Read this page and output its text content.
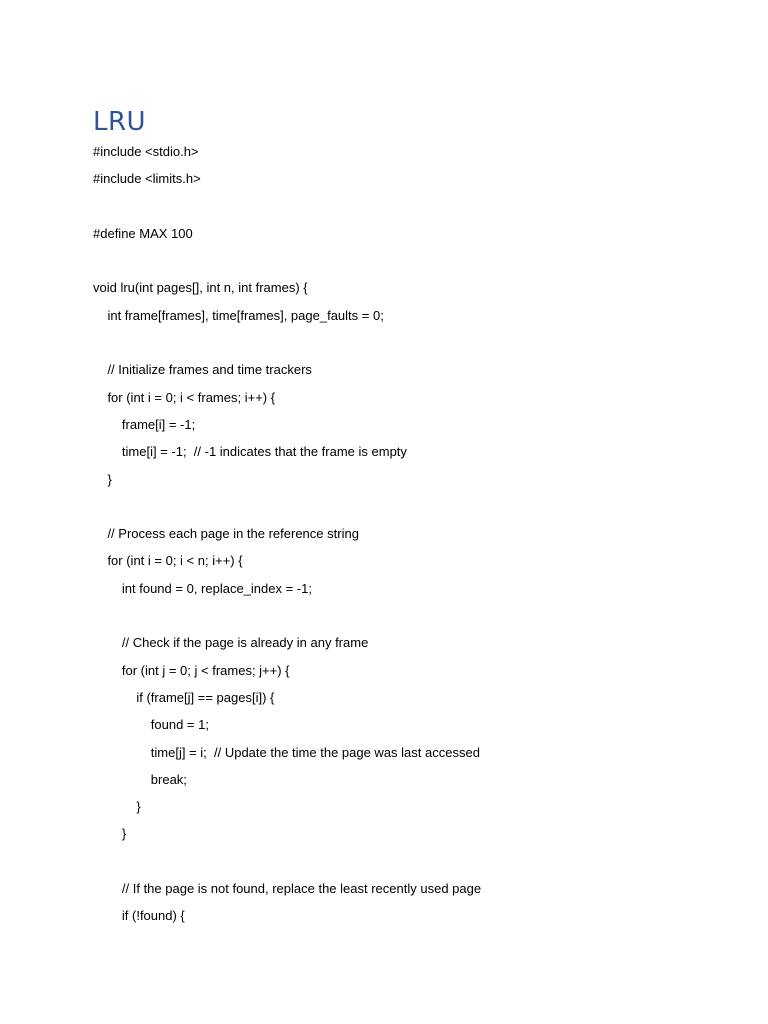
LRU
#include <stdio.h>
#include <limits.h>
#define MAX 100
void lru(int pages[], int n, int frames) {
int frame[frames], time[frames], page_faults = 0;
// Initialize frames and time trackers
for (int i = 0; i < frames; i++) {
frame[i] = -1;
time[i] = -1;  // -1 indicates that the frame is empty
}
// Process each page in the reference string
for (int i = 0; i < n; i++) {
int found = 0, replace_index = -1;
// Check if the page is already in any frame
for (int j = 0; j < frames; j++) {
if (frame[j] == pages[i]) {
found = 1;
time[j] = i;  // Update the time the page was last accessed
break;
}
}
// If the page is not found, replace the least recently used page
if (!found) {
